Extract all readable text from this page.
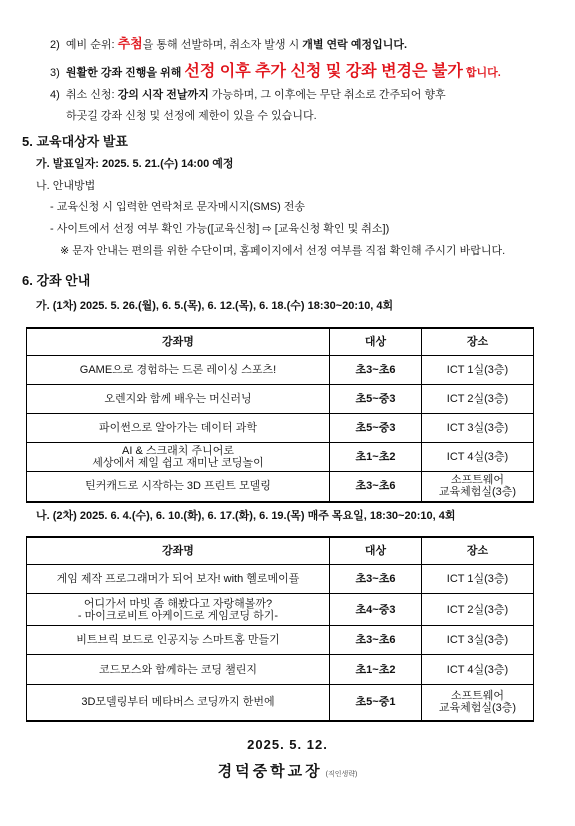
2) 예비 순위: 추첨을 통해 선발하며, 취소자 발생 시 개별 연락 예정입니다.
3) 원활한 강좌 진행을 위해 선정 이후 추가 신청 및 강좌 변경은 불가 합니다.
4) 취소 신청: 강의 시작 전날까지 가능하며, 그 이후에는 무단 취소로 간주되어 향후
하곳길 강좌 신청 및 선정에 제한이 있을 수 있습니다.
5. 교육대상자 발표
가. 발표일자: 2025. 5. 21.(수) 14:00 예정
나. 안내방법
- 교육신청 시 입력한 연락처로 문자메시지(SMS) 전송
- 사이트에서 선정 여부 확인 가능([교육신청] ⇨ [교육신청 확인 및 취소])
※ 문자 안내는 편의를 위한 수단이며, 홈페이지에서 선정 여부를 직접 확인해 주시기 바랍니다.
6. 강좌 안내
가. (1차) 2025. 5. 26.(월), 6. 5.(목), 6. 12.(목), 6. 18.(수) 18:30~20:10, 4회
강좌명	대상	장소
GAME으로 경험하는 드론 레이싱 스포츠!	초3~초6	ICT 1실(3층)
오렌지와 함께 배우는 머신러닝	초5~중3	ICT 2실(3층)
파이썬으로 알아가는 데이터 과학	초5~중3	ICT 3실(3층)

AI & 스크래치 주니어로
세상에서 제일 쉽고 재미난 코딩놀이	초1~초2	ICT 4실(3층)
틴커캐드로 시작하는 3D 프린트 모델링	초3~초6	소프트웨어
교육체험실(3층)
나. (2차) 2025. 6. 4.(수), 6. 10.(화), 6. 17.(화), 6. 19.(목) 매주 목요일, 18:30~20:10, 4회
강좌명	대상	장소
게임 제작 프로그래머가 되어 보자! with 헬로메이플	초3~초6	ICT 1실(3층)

어디가서 마빗 좀 해봤다고 자랑해볼까?
- 마이크로비트 아케이드로 게임코딩 하기-	초4~중3	ICT 2실(3층)
비트브릭 보드로 인공지능 스마트홈 만들기	초3~초6	ICT 3실(3층)
코드모스와 함께하는 코딩 챌린지	초1~초2	ICT 4실(3층)
3D모델링부터 메타버스 코딩까지 한번에	초5~중1	소프트웨어
교육체험실(3층)
2025. 5. 12.
경덕중학교장 (직인생략)
